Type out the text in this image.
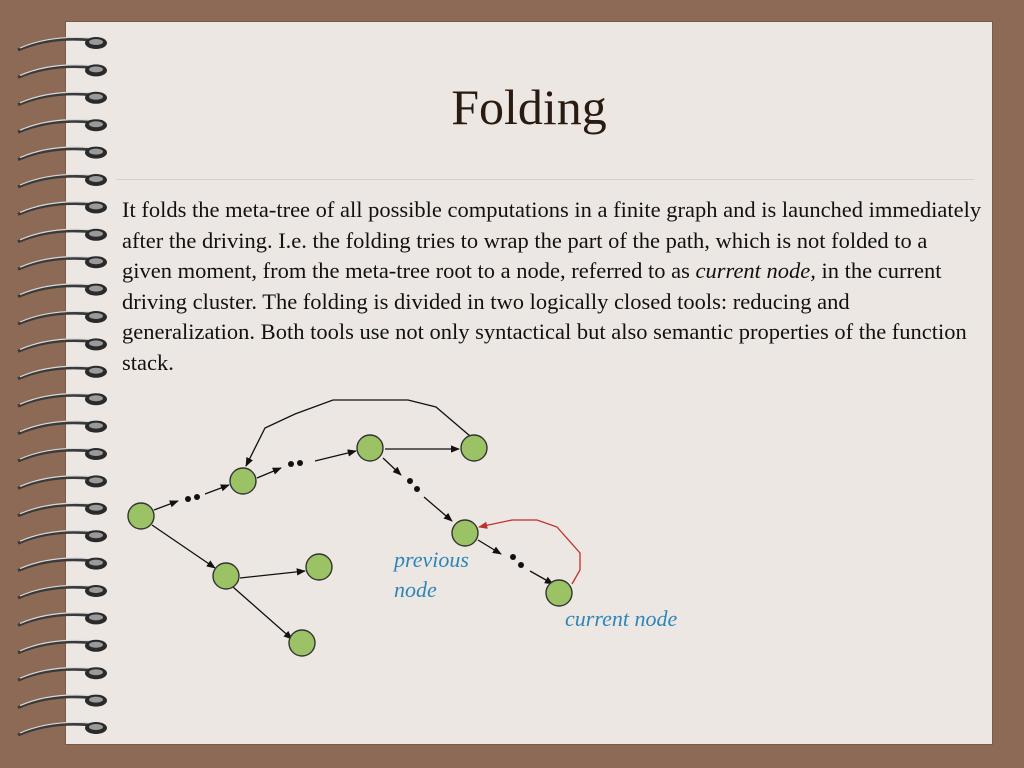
Folding
It folds the meta-tree of all possible computations in a finite graph and is launched immediately after the driving. I.e. the folding tries to wrap the part of the path, which is not folded to a given moment, from the meta-tree root to a node, referred to as current node, in the current driving cluster. The folding is divided in two logically closed tools: reducing and generalization. Both tools use not only syntactical but also semantic properties of the function stack.
previous
node
current node
